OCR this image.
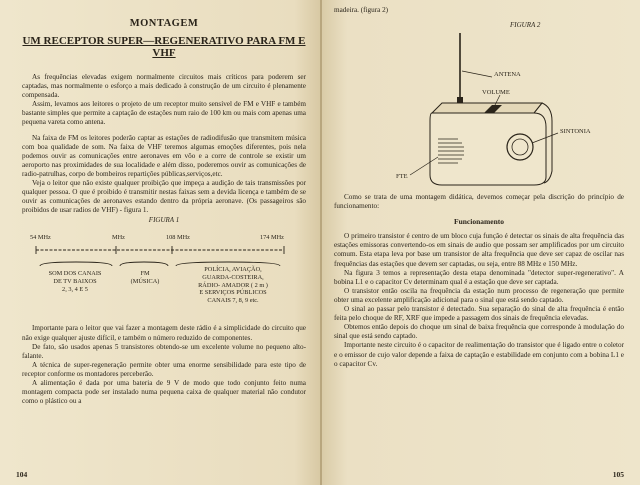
MONTAGEM
UM RECEPTOR SUPER—REGENERATIVO PARA FM E VHF

As frequências elevadas exigem normalmente circuitos mais críticos para poderem ser captadas, mas normalmente o esforço a mais dedicado à construção de um circuito é plenamente compensada.

Assim, levamos aos leitores o projeto de um receptor muito sensível de FM e VHF e também bastante simples que permite a captação de estações num raio de 100 km ou mais com apenas uma pequena vareta como antena.

Na faixa de FM os leitores poderão captar as estações de radiodifusão que transmitem música com boa qualidade de som. Na faixa de VHF teremos algumas emoções diferentes, pois nela podemos ouvir as comunicações entre aeronaves em vôo e a corre de controle se existir um aeroporto nas proximidades de sua localidade e além disso, poderemos ouvir as comunicações de radio-patrulhas, corpo de bombeiros repartições públicas,serviços,etc.

Veja o leitor que não existe qualquer proibição que impeça a audição de tais transmissões por qualquer pessoa. O que é proibido é transmitir nestas faixas sem a devida licença e também de se ouvir as comunicações de aeronaves estando dentro da própria aeronave. (Os passageiros são proibidos de usar radios de VHF) - figura 1.

FIGURA 1
54 MHz	MHz	108 MHz	174 MHz
SOM DOS CANAIS
DE TV BAIXOS
2, 3, 4 E 5
FM
(MÚSICA)
POLÍCIA, AVIAÇÃO,
GUARDA-COSTEIRA,
RÁDIO- AMADOR ( 2 m )
E SERVIÇOS PÚBLICOS
CANAIS 7, 8, 9 etc.

Importante para o leitor que vai fazer a montagem deste rádio é a simplicidade do circuito que não exige qualquer ajuste difícil, e também o número reduzido de componentes.

De fato, são usados apenas 5 transistores obtendo-se um excelente volume no pequeno alto-falante.

A técnica de super-regeneração permite obter uma enorme sensibilidade para este tipo de receptor conforme os montadores perceberão.

A alimentação é dada por uma bateria de 9 V de modo que todo conjunto feito numa montagem compacta pode ser instalado numa pequena caixa de qualquer material não condutor como o plástico ou a

104

madeira. (figura 2)

FIGURA 2
ANTENA
VOLUME
SINTONIA
FTE

Como se trata de uma montagem didática, devemos começar pela discrição do princípio de funcionamento:

Funcionamento

O primeiro transistor é centro de um bloco cuja função é detectar os sinais de alta frequência das estações emissoras convertendo-os em sinais de audio que possam ser amplificados por um circuito comum. Esta etapa leva por base um transistor de alta frequência que deve ser capaz de oscilar nas frequências das estações que devem ser captadas, ou seja, entre 88 MHz e 150 MHz.

Na figura 3 temos a representação desta etapa denominada "detector super-regenerativo". A bobina L1 e o capacitor Cv determinam qual é a estação que deve ser captada.

O transistor então oscila na frequência da estação num processo de regeneração que permite obter uma excelente amplificação adicional para o sinal que está sendo captado.

O sinal ao passar pelo transistor é detectado. Sua separação do sinal de alta frequência é então feita pelo choque de RF, XRF que impede a passagem dos sinais de frequência elevadas.

Obtemos então depois do choque um sinal de baixa frequência que corresponde à modulação do sinal que está sendo captado.

Importante neste circuito é o capacitor de realimentação do transistor que é ligado entre o coletor e o emissor de cujo valor depende a faixa de captação e estabilidade em conjunto com a bobina L1 e o capacitor Cv.

105
